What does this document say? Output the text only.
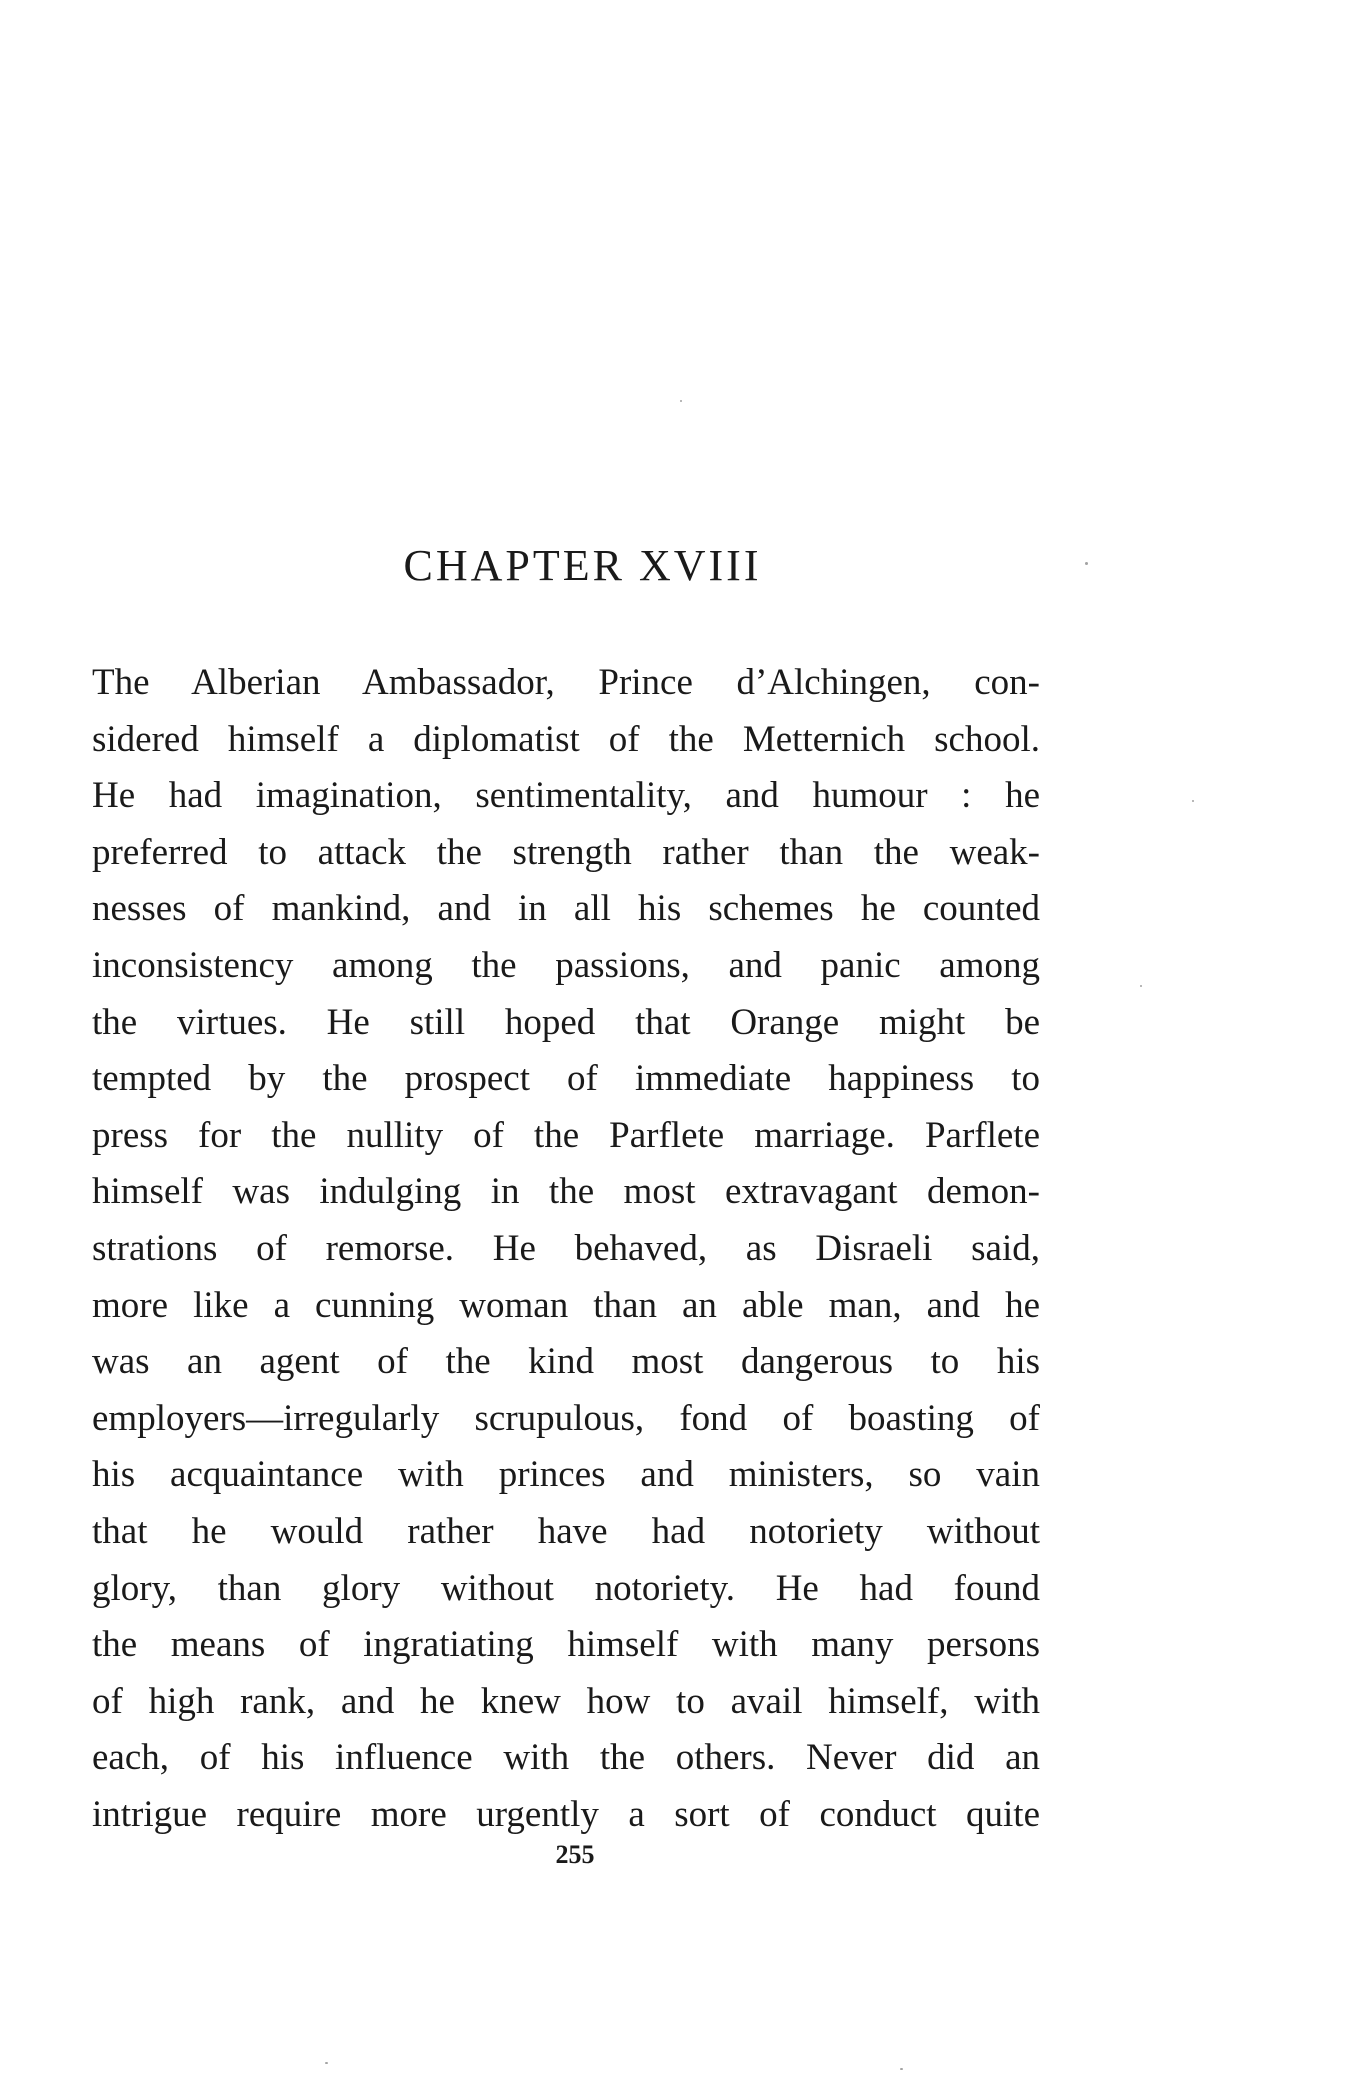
CHAPTER XVIII
The Alberian Ambassador, Prince d’Alchingen, con-
sidered himself a diplomatist of the Metternich school.
He had imagination, sentimentality, and humour : he
preferred to attack the strength rather than the weak-
nesses of mankind, and in all his schemes he counted
inconsistency among the passions, and panic among
the virtues. He still hoped that Orange might be
tempted by the prospect of immediate happiness to
press for the nullity of the Parflete marriage. Parflete
himself was indulging in the most extravagant demon-
strations of remorse. He behaved, as Disraeli said,
more like a cunning woman than an able man, and he
was an agent of the kind most dangerous to his
employers—irregularly scrupulous, fond of boasting of
his acquaintance with princes and ministers, so vain
that he would rather have had notoriety without
glory, than glory without notoriety. He had found
the means of ingratiating himself with many persons
of high rank, and he knew how to avail himself, with
each, of his influence with the others. Never did an
intrigue require more urgently a sort of conduct quite
255
